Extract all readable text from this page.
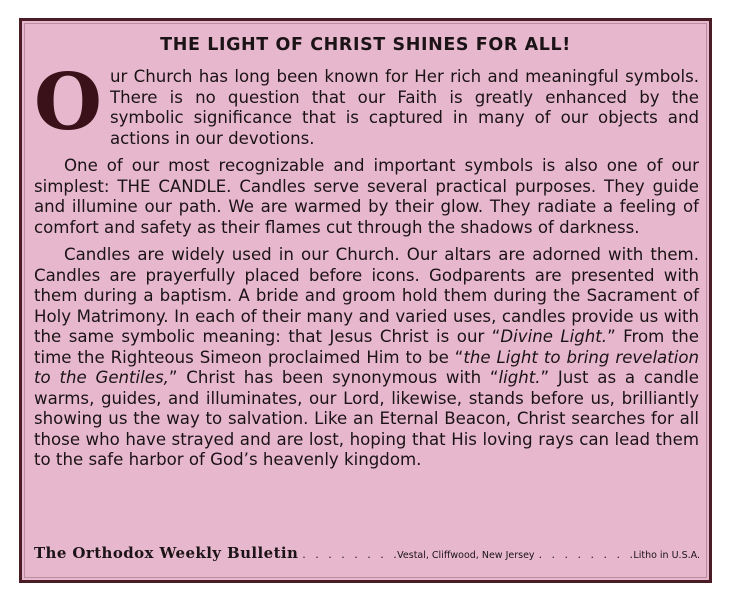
THE LIGHT OF CHRIST SHINES FOR ALL!

Our Church has long been known for Her rich and meaningful symbols. There is no question that our Faith is greatly enhanced by the symbolic significance that is captured in many of our objects and actions in our devotions.

One of our most recognizable and important symbols is also one of our simplest: THE CANDLE. Candles serve several practical purposes. They guide and illumine our path. We are warmed by their glow. They radiate a feeling of comfort and safety as their flames cut through the shadows of darkness.

Candles are widely used in our Church. Our altars are adorned with them. Candles are prayerfully placed before icons. Godparents are presented with them during a baptism. A bride and groom hold them during the Sacrament of Holy Matrimony. In each of their many and varied uses, candles provide us with the same symbolic meaning: that Jesus Christ is our “Divine Light.” From the time the Righteous Simeon proclaimed Him to be “the Light to bring revelation to the Gentiles,” Christ has been synonymous with “light.” Just as a candle warms, guides, and illuminates, our Lord, likewise, stands before us, brilliantly showing us the way to salvation. Like an Eternal Beacon, Christ searches for all those who have strayed and are lost, hoping that His loving rays can lead them to the safe harbor of God’s heavenly kingdom.

The Orthodox Weekly Bulletin . . .	Vestal, Cliffwood, New Jersey . . .	Litho in U.S.A.
